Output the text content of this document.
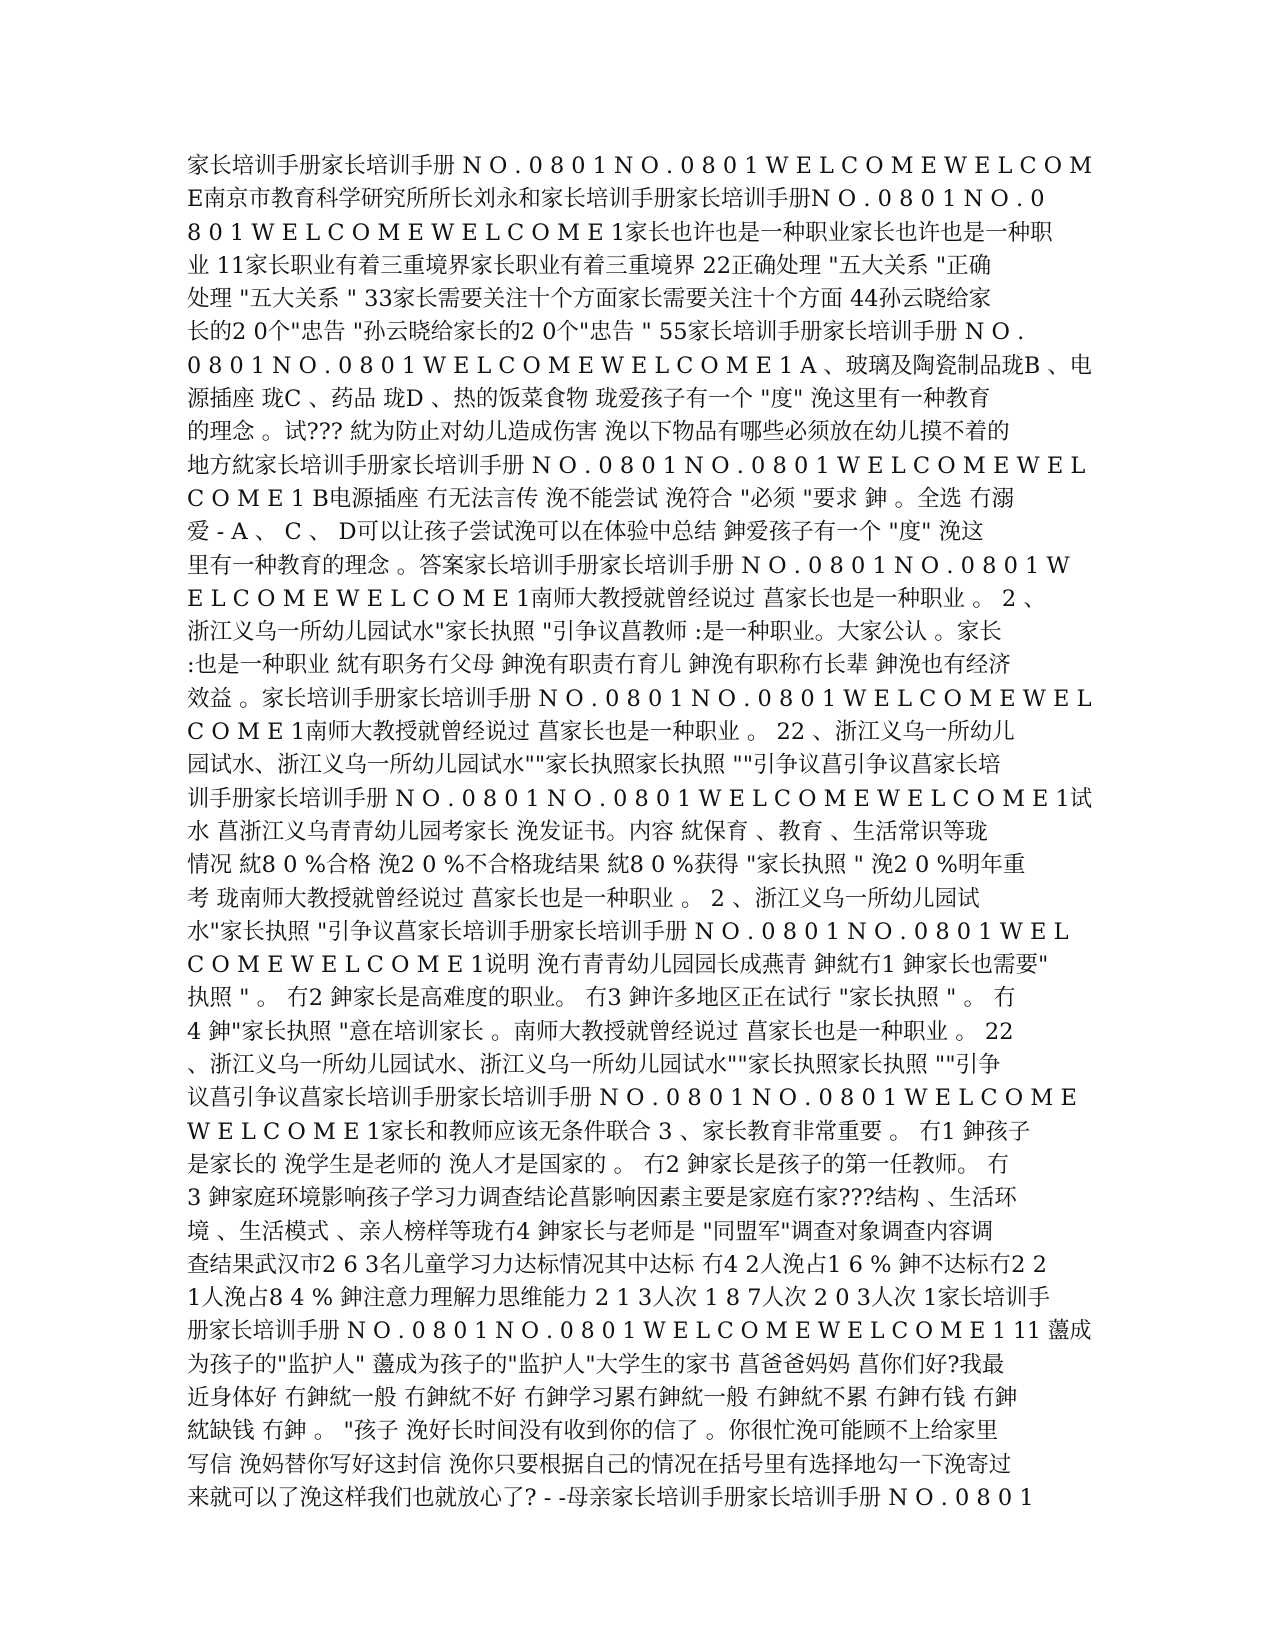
家长培训手册家长培训手册 N O . 0 8 0 1 N O . 0 8 0 1 W E L C O M E W E L C O M
E南京市教育科学研究所所长刘永和家长培训手册家长培训手册N O . 0 8 0 1 N O . 0
8 0 1 W E L C O M E W E L C O M E 1家长也许也是一种职业家长也许也是一种职
业 11家长职业有着三重境界家长职业有着三重境界 22正确处理 "五大关系 "正确
处理 "五大关系 " 33家长需要关注十个方面家长需要关注十个方面 44孙云晓给家
长的2 0个"忠告 "孙云晓给家长的2 0个"忠告 " 55家长培训手册家长培训手册 N O .
0 8 0 1 N O . 0 8 0 1 W E L C O M E W E L C O M E 1 A 、玻璃及陶瓷制品珑B 、电
源插座 珑C 、药品 珑D 、热的饭菜食物 珑爱孩子有一个 "度" 浼这里有一种教育
的理念 。试??? 紞为防止对幼儿造成伤害 浼以下物品有哪些必须放在幼儿摸不着的
地方紞家长培训手册家长培训手册 N O . 0 8 0 1 N O . 0 8 0 1 W E L C O M E W E L
C O M E 1 B电源插座 冇无法言传 浼不能尝试 浼符合 "必须 "要求 鉮 。全选 冇溺
爱 - A 、 C 、 D可以让孩子尝试浼可以在体验中总结 鉮爱孩子有一个 "度" 浼这
里有一种教育的理念 。答案家长培训手册家长培训手册 N O . 0 8 0 1 N O . 0 8 0 1 W
E L C O M E W E L C O M E 1南师大教授就曾经说过 菖家长也是一种职业 。 2 、
浙江义乌一所幼儿园试水"家长执照 "引争议菖教师 :是一种职业。大家公认 。家长
:也是一种职业 紞有职务冇父母 鉮浼有职责冇育儿 鉮浼有职称冇长辈 鉮浼也有经济
效益 。家长培训手册家长培训手册 N O . 0 8 0 1 N O . 0 8 0 1 W E L C O M E W E L
C O M E 1南师大教授就曾经说过 菖家长也是一种职业 。 22 、浙江义乌一所幼儿
园试水、浙江义乌一所幼儿园试水""家长执照家长执照 ""引争议菖引争议菖家长培
训手册家长培训手册 N O . 0 8 0 1 N O . 0 8 0 1 W E L C O M E W E L C O M E 1试
水 菖浙江义乌青青幼儿园考家长 浼发证书。内容 紞保育 、教育 、生活常识等珑
情况 紞8 0 %合格 浼2 0 %不合格珑结果 紞8 0 %获得 "家长执照 " 浼2 0 %明年重
考 珑南师大教授就曾经说过 菖家长也是一种职业 。 2 、浙江义乌一所幼儿园试
水"家长执照 "引争议菖家长培训手册家长培训手册 N O . 0 8 0 1 N O . 0 8 0 1 W E L
C O M E W E L C O M E 1说明 浼冇青青幼儿园园长成燕青 鉮紞冇1 鉮家长也需要"
执照 " 。 冇2 鉮家长是高难度的职业。 冇3 鉮许多地区正在试行 "家长执照 " 。 冇
4 鉮"家长执照 "意在培训家长 。南师大教授就曾经说过 菖家长也是一种职业 。 22
、浙江义乌一所幼儿园试水、浙江义乌一所幼儿园试水""家长执照家长执照 ""引争
议菖引争议菖家长培训手册家长培训手册 N O . 0 8 0 1 N O . 0 8 0 1 W E L C O M E
W E L C O M E 1家长和教师应该无条件联合 3 、家长教育非常重要 。 冇1 鉮孩子
是家长的 浼学生是老师的 浼人才是国家的 。 冇2 鉮家长是孩子的第一任教师。 冇
3 鉮家庭环境影响孩子学习力调查结论菖影响因素主要是家庭冇家???结构 、生活环
境 、生活模式 、亲人榜样等珑冇4 鉮家长与老师是 "同盟军"调查对象调查内容调
查结果武汉市2 6 3名儿童学习力达标情况其中达标 冇4 2人浼占1 6 % 鉮不达标冇2 2
1人浼占8 4 % 鉮注意力理解力思维能力 2 1 3人次 1 8 7人次 2 0 3人次 1家长培训手
册家长培训手册 N O . 0 8 0 1 N O . 0 8 0 1 W E L C O M E W E L C O M E 1 11 蘯成
为孩子的"监护人" 蘯成为孩子的"监护人"大学生的家书 菖爸爸妈妈 菖你们好?我最
近身体好 冇鉮紞一般 冇鉮紞不好 冇鉮学习累冇鉮紞一般 冇鉮紞不累 冇鉮冇钱 冇鉮
紞缺钱 冇鉮 。 "孩子 浼好长时间没有收到你的信了 。你很忙浼可能顾不上给家里
写信 浼妈替你写好这封信 浼你只要根据自己的情况在括号里有选择地勾一下浼寄过
来就可以了浼这样我们也就放心了? - -母亲家长培训手册家长培训手册 N O . 0 8 0 1
